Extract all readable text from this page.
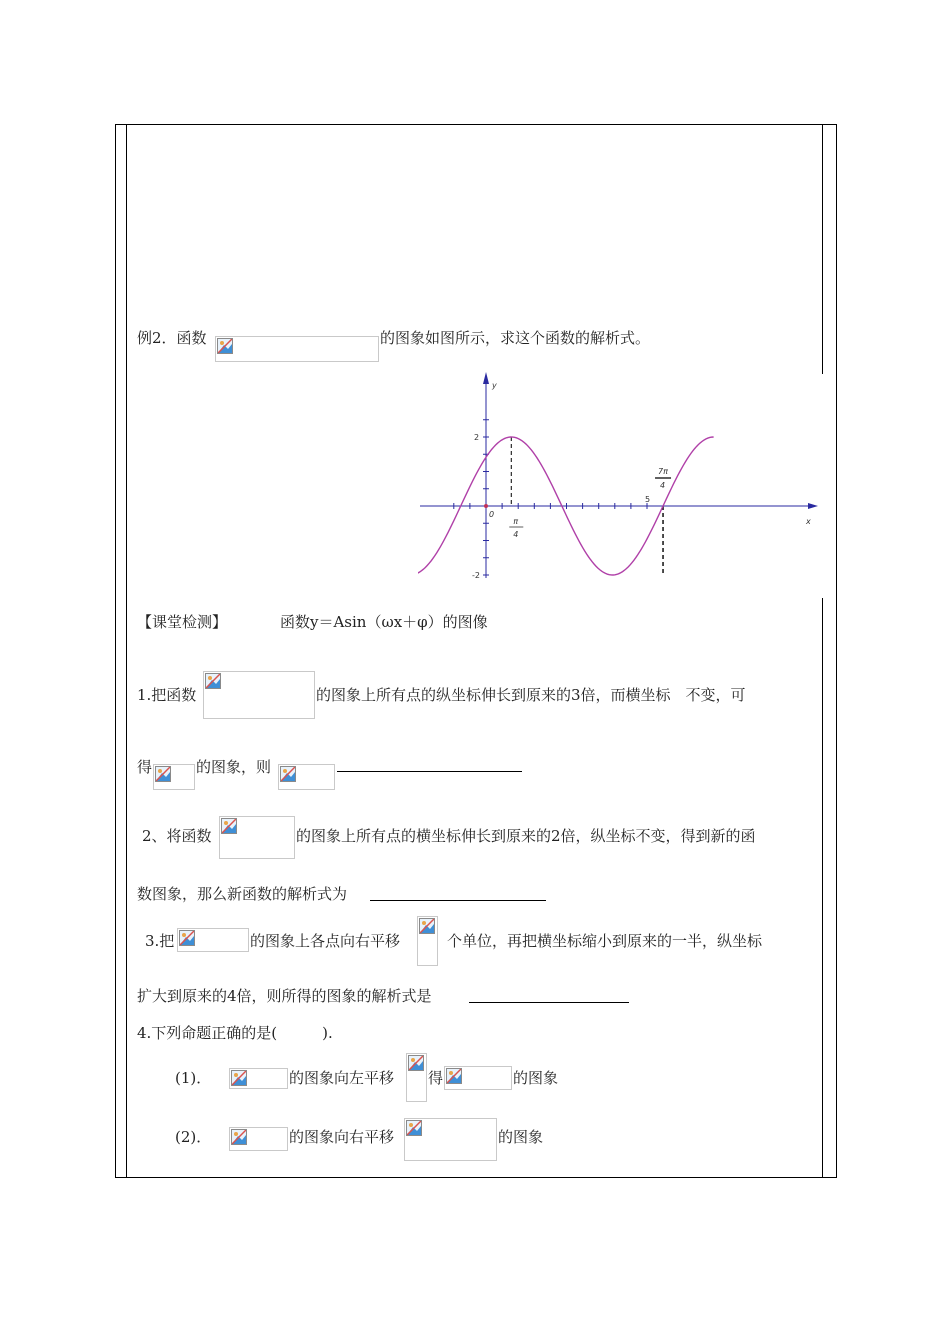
例2．函数	的图象如图所示，求这个函数的解析式。
y
x
0
2
-2
π
4
5
7π
4
【课堂检测】	函数y＝Asin（ωx＋φ）的图像
1.把函数	的图象上所有点的纵坐标伸长到原来的3倍，而横坐标　不变，可
得	的图象，则
2、将函数	的图象上所有点的横坐标伸长到原来的2倍，纵坐标不变，得到新的函
数图象，那么新函数的解析式为
3.把	的图象上各点向右平移	个单位，再把横坐标缩小到原来的一半，纵坐标
扩大到原来的4倍，则所得的图象的解析式是
4.下列命题正确的是(　　　).
(1)．	的图象向左平移 得	的图象
(2)．	的图象向右平移	的图象
